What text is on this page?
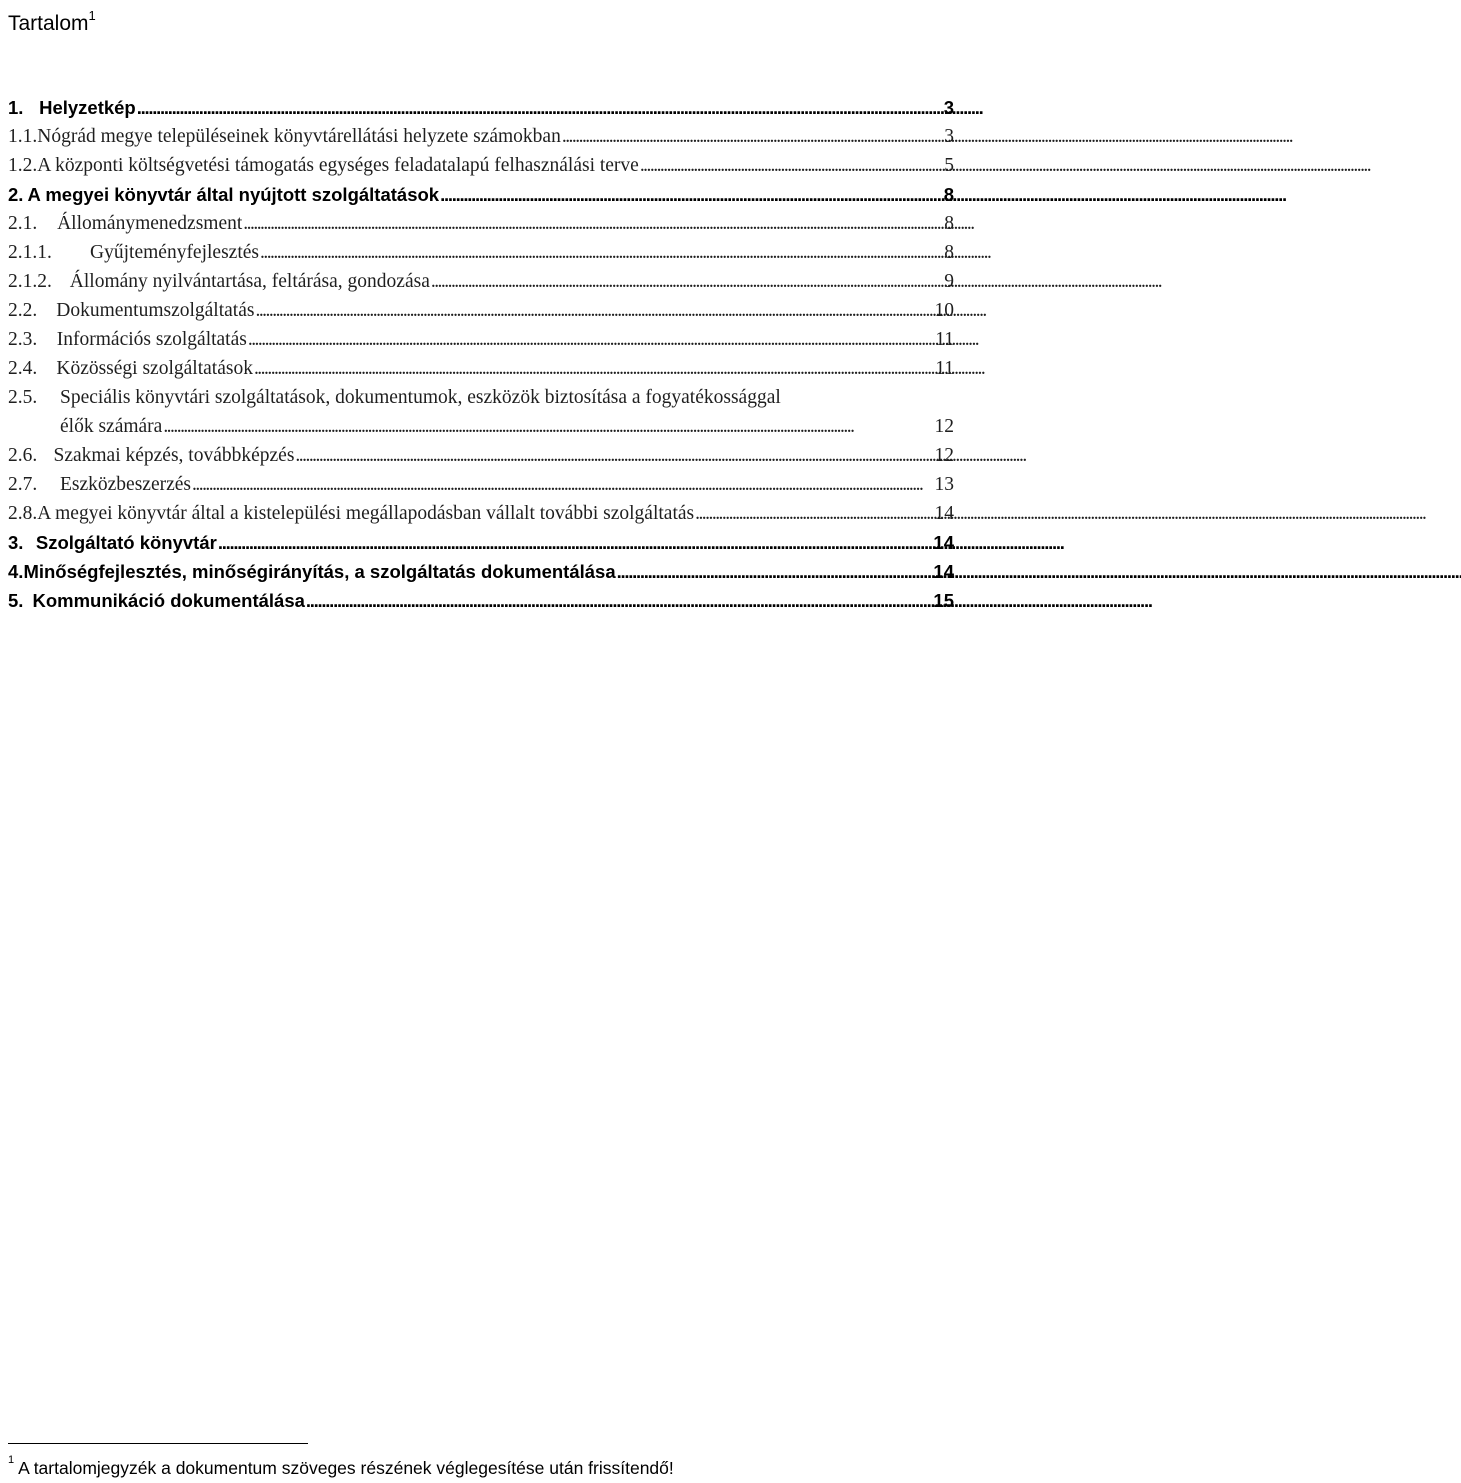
Tartalom$^1$
1. Helyzetkép . . .	3
1.1. Nógrád megye településeinek könyvtárellátási helyzete számokban . . .	3
1.2. A központi költségvetési támogatás egységes feladatalapú felhasználási terve . . .	5
2. A megyei könyvtár által nyújtott szolgáltatások . . .	8
2.1.	Állománymenedzsment . . .	8
2.1.1.	Gyűjteményfejlesztés . . .	8
2.1.2. Állomány nyilvántartása, feltárása, gondozása . . .	9
2.2. Dokumentumszolgáltatás . . .	10
2.3.	Információs szolgáltatás . . .	11
2.4. Közösségi szolgáltatások . . .	11
2.5.	Speciális könyvtári szolgáltatások, dokumentumok, eszközök biztosítása a fogyatékossággal
élők számára . . .	12
2.6. Szakmai képzés, továbbképzés . . .	12
2.7.	Eszközbeszerzés . . .	13
2.8. A megyei könyvtár által a kistelepülési megállapodásban vállalt további szolgáltatás . . .	14
3. Szolgáltató könyvtár . . .	14
4. Minőségfejlesztés, minőségirányítás, a szolgáltatás dokumentálása . . .	14
5. Kommunikáció dokumentálása . . .	15
$^1$ A tartalomjegyzék a dokumentum szöveges részének véglegesítése után frissítendő!
